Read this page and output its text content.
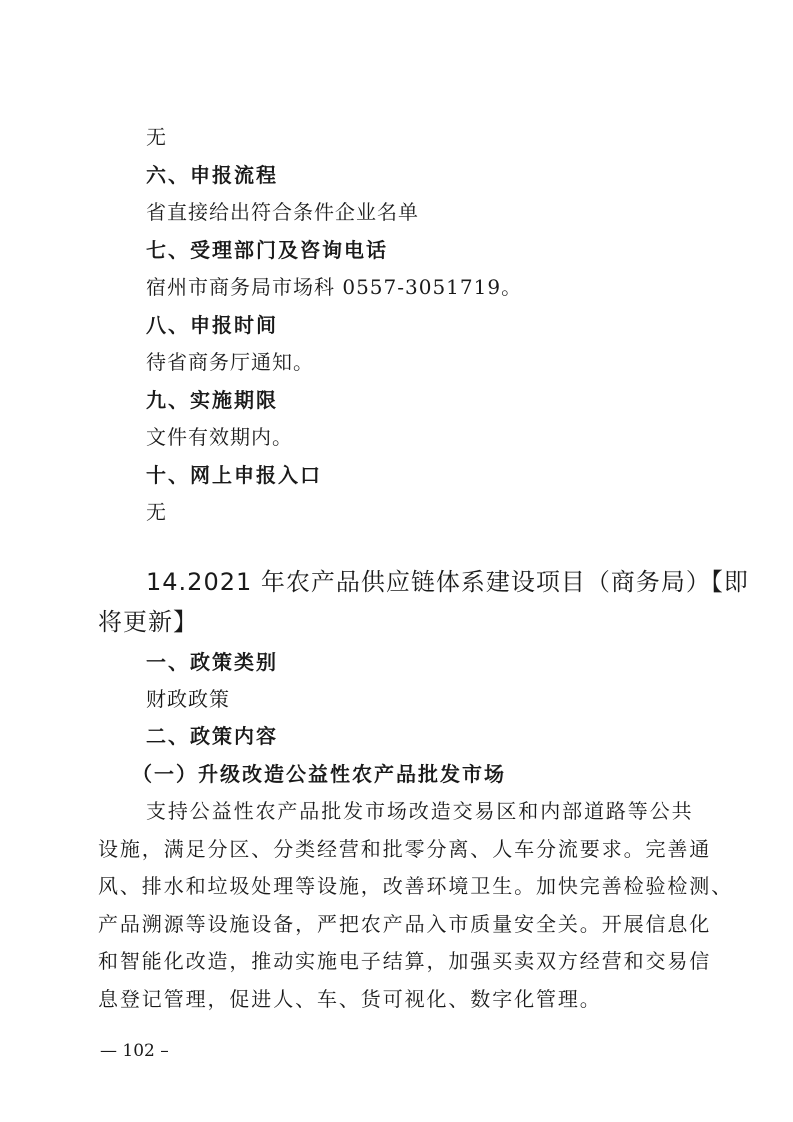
无
六、申报流程
省直接给出符合条件企业名单
七、受理部门及咨询电话
宿州市商务局市场科 0557-3051719。
八、申报时间
待省商务厅通知。
九、实施期限
文件有效期内。
十、网上申报入口
无
14.2021 年农产品供应链体系建设项目（商务局）【即
将更新】
一、政策类别
财政政策
二、政策内容
（一）升级改造公益性农产品批发市场
支持公益性农产品批发市场改造交易区和内部道路等公共
设施，满足分区、分类经营和批零分离、人车分流要求。完善通
风、排水和垃圾处理等设施，改善环境卫生。加快完善检验检测、
产品溯源等设施设备，严把农产品入市质量安全关。开展信息化
和智能化改造，推动实施电子结算，加强买卖双方经营和交易信
息登记管理，促进人、车、货可视化、数字化管理。
— 102 –
